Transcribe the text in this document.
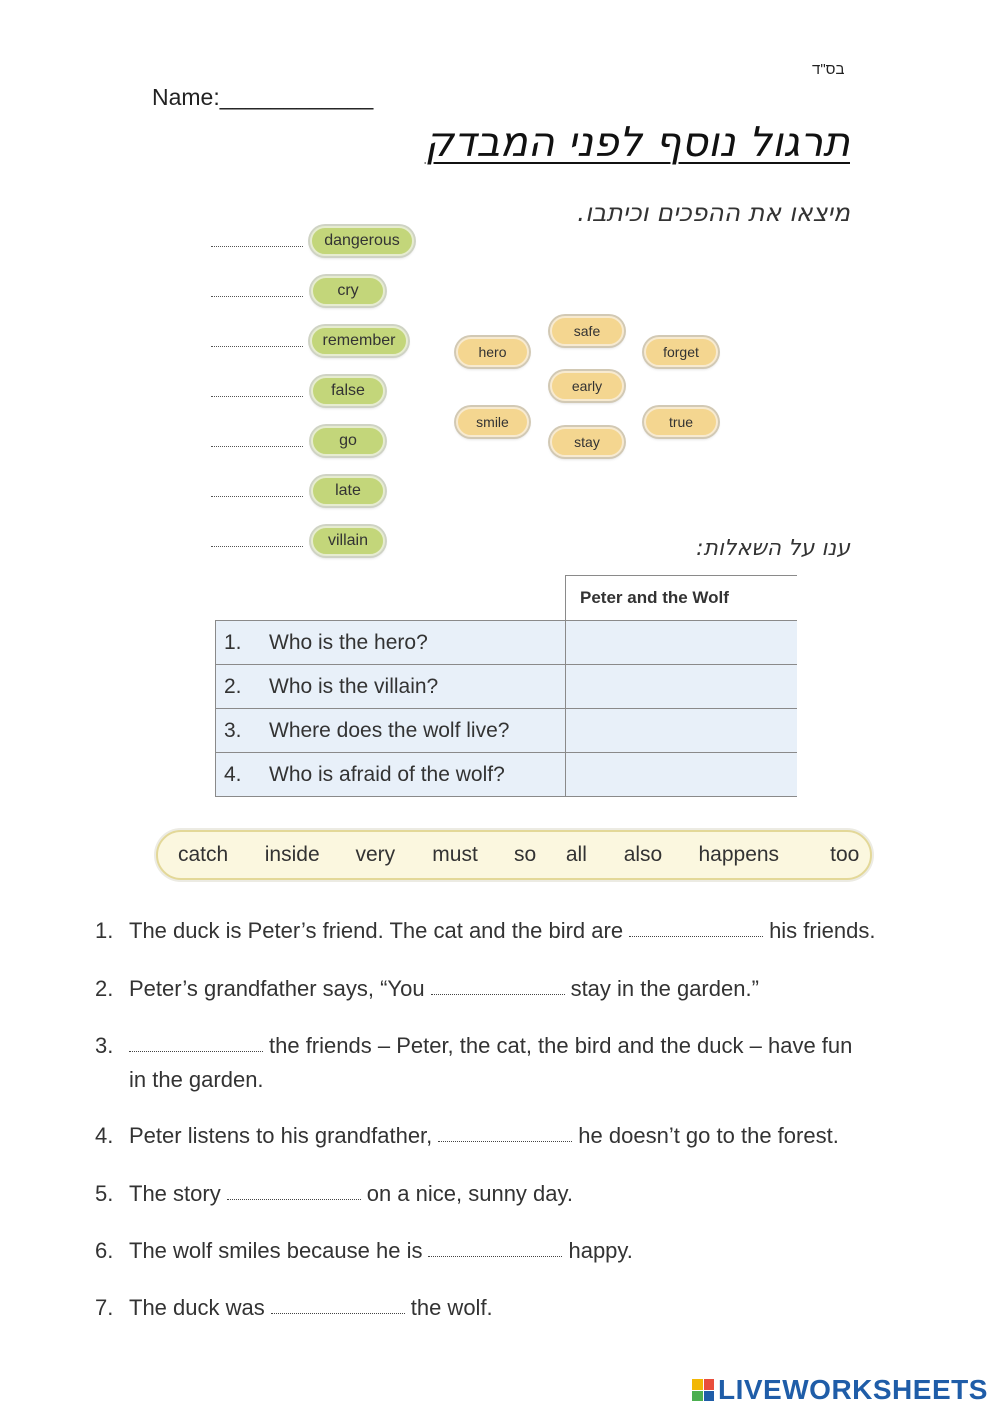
בס"ד
Name:____________
תרגול נוסף לפני המבדק
מיצאו את ההפכים וכיתבו.
dangerous
cry
remember
false
go
late
villain
hero
safe
forget
early
smile	true
stay
ענו על השאלות:
Peter and the Wolf
1. Who is the hero?	
2. Who is the villain?	
3. Where does the wolf live?	
4. Who is afraid of the wolf?	
catch	inside	very	must	so	all	also	happens	too
1. The duck is Peter’s friend. The cat and the bird are	his friends.
2. Peter’s grandfather says, “You	stay in the garden.”
3.	the friends – Peter, the cat, the bird and the duck – have fun
in the garden.
4. Peter listens to his grandfather,	he doesn’t go to the forest.
5. The story	on a nice, sunny day.
6. The wolf smiles because he is	happy.
7. The duck was	the wolf.
LIVEWORKSHEETS
